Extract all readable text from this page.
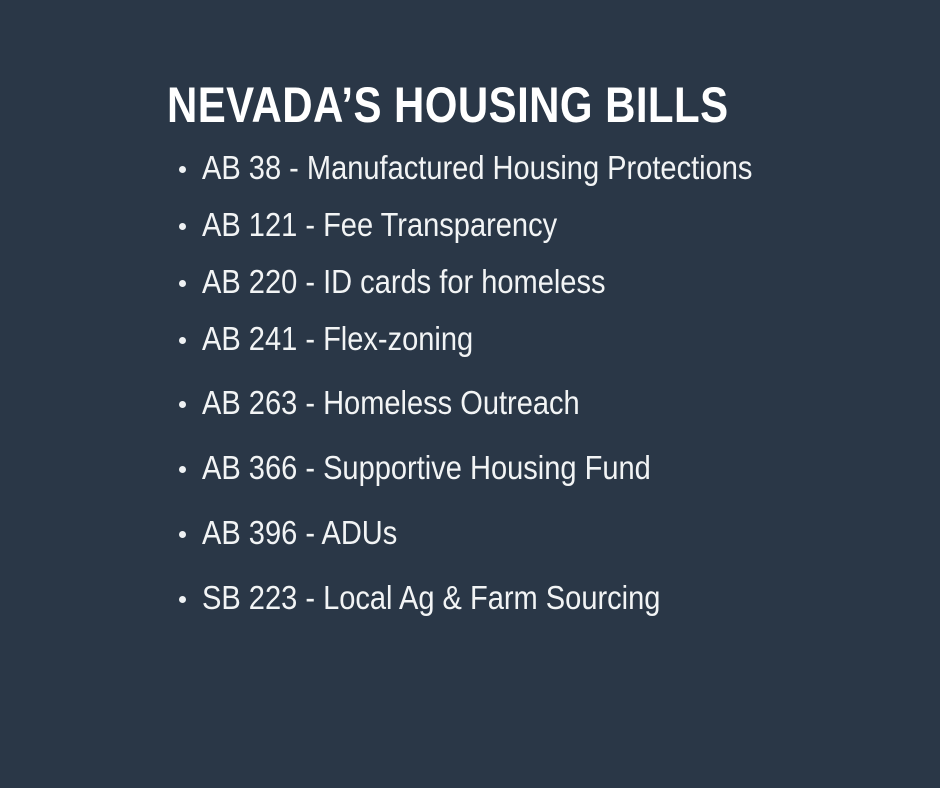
NEVADA’S HOUSING BILLS
AB 38 - Manufactured Housing Protections
AB 121 - Fee Transparency
AB 220 - ID cards for homeless
AB 241 - Flex-zoning
AB 263 - Homeless Outreach
AB 366 - Supportive Housing Fund
AB 396 - ADUs
SB 223 - Local Ag & Farm Sourcing
